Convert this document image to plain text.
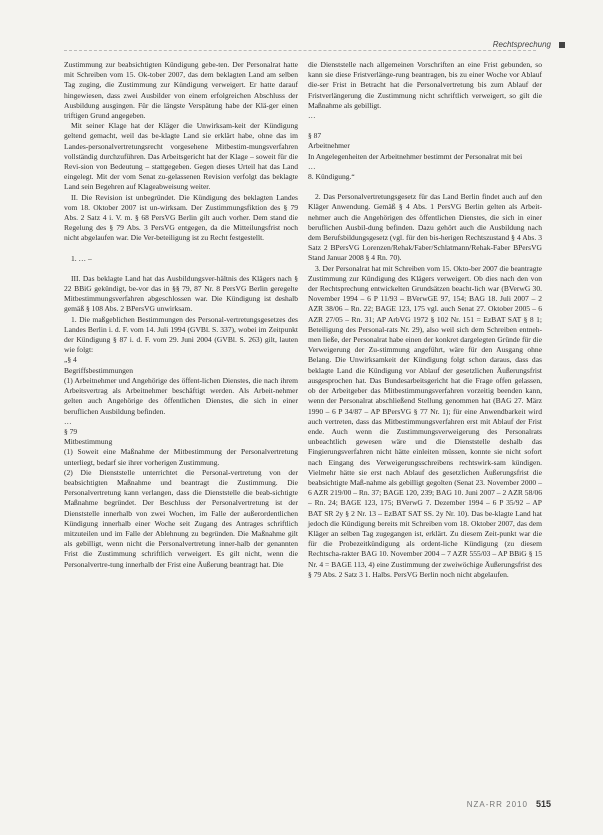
Rechtsprechung

Zustimmung zur beabsichtigten Kündigung gebe-ten. Der Personalrat hatte mit Schreiben vom 15. Ok-tober 2007, das dem beklagten Land am selben Tag zuging, die Zustimmung zur Kündigung verweigert. Er hatte darauf hingewiesen, dass zwei Ausbilder von einem erfolgreichen Abschluss der Ausbildung ausgingen. Für die längste Verspätung habe der Klä-ger einen triftigen Grund angegeben.

Mit seiner Klage hat der Kläger die Unwirksam-keit der Kündigung geltend gemacht, weil das be-klagte Land sie erklärt habe, ohne das im Landes-personalvertretungsrecht vorgesehene Mitbestim-mungsverfahren vollständig durchzuführen. Das Arbeitsgericht hat der Klage – soweit für die Revi-sion von Bedeutung – stattgegeben. Gegen dieses Urteil hat das Land eingelegt. Mit der vom Senat zu-gelassenen Revision verfolgt das beklagte Land sein Begehren auf Klageabweisung weiter.

II. Die Revision ist unbegründet. Die Kündigung des beklagten Landes vom 18. Oktober 2007 ist un-wirksam. Der Zustimmungsfiktion des § 79 Abs. 2 Satz 4 i. V. m. § 68 PersVG Berlin gilt auch vorher. Dem stand die Regelung des § 79 Abs. 3 PersVG entgegen, da die Mitteilungsfrist noch nicht abgelaufen war. Die Ver-beteiligung ist zu Recht festgestellt.

1. … –

III. Das beklagte Land hat das Ausbildungsver-hältnis des Klägers nach § 22 BBiG gekündigt, be-vor das in §§ 79, 87 Nr. 8 PersVG Berlin geregelte Mitbestimmungsverfahren abgeschlossen war. Die Kündigung ist deshalb gemäß § 108 Abs. 2 BPersVG unwirksam.

1. Die maßgeblichen Bestimmungen des Personal-vertretungsgesetzes des Landes Berlin i. d. F. vom 14. Juli 1994 (GVBl. S. 337), wobei im Zeitpunkt der Kündigung § 87 i. d. F. vom 29. Juni 2004 (GVBl. S. 263) gilt, lauten wie folgt:

„§ 4

Begriffsbestimmungen

(1) Arbeitnehmer und Angehörige des öffent-lichen Dienstes, die nach ihrem Arbeitsvertrag als Arbeitnehmer beschäftigt werden. Als Arbeit-nehmer gelten auch Angehörige des öffentlichen Dienstes, die sich in einer beruflichen Ausbildung befinden.

…

§ 79

Mitbestimmung

(1) Soweit eine Maßnahme der Mitbestimmung der Personalvertretung unterliegt, bedarf sie ihrer vorherigen Zustimmung.

(2) Die Dienststelle unterrichtet die Personal-vertretung von der beabsichtigten Maßnahme und beantragt die Zustimmung. Die Personalvertretung kann verlangen, dass die Dienststelle die beab-sichtigte Maßnahme begründet. Der Beschluss der Personalvertretung ist der Dienststelle innerhalb von zwei Wochen, im Falle der außerordentlichen Kündigung innerhalb einer Woche seit Zugang des Antrages schriftlich mitzuteilen und im Falle der Ablehnung zu begründen. Die Maßnahme gilt als gebilligt, wenn nicht die Personalvertretung inner-halb der genannten Frist die Zustimmung schriftlich verweigert. Es gilt nicht, wenn die Personalvertre-tung innerhalb der Frist eine Äußerung beantragt hat. Die

die Dienststelle nach allgemeinen Vorschriften an eine Frist gebunden, so kann sie diese Fristverlänge-rung beantragen, bis zu einer Woche vor Ablauf die-ser Frist in Betracht hat die Personalvertretung bis zum Ablauf der Fristverlängerung die Zustimmung nicht schriftlich verweigert, so gilt die Maßnahme als gebilligt.

…

§ 87

Arbeitnehmer

In Angelegenheiten der Arbeitnehmer bestimmt der Personalrat mit bei

…

8. Kündigung.“

2. Das Personalvertretungsgesetz für das Land Berlin findet auch auf den Kläger Anwendung. Gemäß § 4 Abs. 1 PersVG Berlin gelten als Arbeit-nehmer auch die Angehörigen des öffentlichen Dienstes, die sich in einer beruflichen Ausbil-dung befinden. Dazu gehört auch die Ausbildung nach dem Berufsbildungsgesetz (vgl. für den bis-herigen Rechtszustand § 4 Abs. 3 Satz 2 BPersVG Lorenzen/Rehak/Faber/Schlatmann/Rehak-Faber BPersVG Stand Januar 2008 § 4 Rn. 70).

3. Der Personalrat hat mit Schreiben vom 15. Okto-ber 2007 die beantragte Zustimmung zur Kündigung des Klägers verweigert. Ob dies nach den von der Rechtsprechung entwickelten Grundsätzen beacht-lich war (BVerwG 30. November 1994 – 6 P 11/93 – BVerwGE 97, 154; BAG 18. Juli 2007 – 2 AZR 38/06 – Rn. 22; BAGE 123, 175 vgl. auch Senat 27. Oktober 2005 – 6 AZR 27/05 – Rn. 31; AP ArbVG 1972 § 102 Nr. 151 = EzBAT SAT § 8 1; Beteiligung des Personal-rats Nr. 29), also weil sich dem Schreiben entneh-men ließe, der Personalrat habe einen der konkret dargelegten Gründe für die Verweigerung der Zu-stimmung angeführt, wäre für den Ausgang ohne Belang. Die Unwirksamkeit der Kündigung folgt schon daraus, dass das beklagte Land die Kündigung vor Ablauf der gesetzlichen Äußerungsfrist ausgesprochen hat. Das Bundesarbeitsgericht hat die Frage offen gelassen, ob der Arbeitgeber das Mitbestimmungsverfahren vorzeitig beenden kann, wenn der Personalrat abschließend Stellung genommen hat (BAG 27. März 1990 – 6 P 34/87 – AP BPersVG § 77 Nr. 1); für eine Anwendbarkeit wird auch vertreten, dass das Mitbestimmungsverfahren erst mit Ablauf der Frist ende. Auch wenn die Zustimmungsverweigerung des Personalrats unbeachtlich gewesen wäre und die Dienststelle deshalb das Fingierungsverfahren nicht hätte einleiten müssen, konnte sie nicht sofort nach Eingang des Verweigerungsschreibens rechtswirk-sam kündigen. Vielmehr hätte sie erst nach Ablauf des gesetzlichen Äußerungsfrist die beabsichtigte Maß-nahme als gebilligt gegolten (Senat 23. November 2000 – 6 AZR 219/00 – Rn. 37; BAGE 120, 239; BAG 10. Juni 2007 – 2 AZR 58/06 – Rn. 24; BAGE 123, 175; BVerwG 7. Dezember 1994 – 6 P 35/92 – AP BAT SR 2y § 2 Nr. 13 – EzBAT SAT SS. 2y Nr. 10). Das be-klagte Land hat jedoch die Kündigung bereits mit Schreiben vom 18. Oktober 2007, das dem Kläger an selben Tag zugegangen ist, erklärt. Zu diesem Zeit-punkt war die für die Probezeitkündigung als ordent-liche Kündigung (zu diesem Rechtscha-rakter BAG 10. November 2004 – 7 AZR 555/03 – AP BBiG § 15 Nr. 4 = BAGE 113, 4) eine Zustimmung der zweiwöchige Äußerungsfrist des § 79 Abs. 2 Satz 3 1. Halbs. PersVG Berlin noch nicht abgelaufen.

NZA-RR 2010 515
